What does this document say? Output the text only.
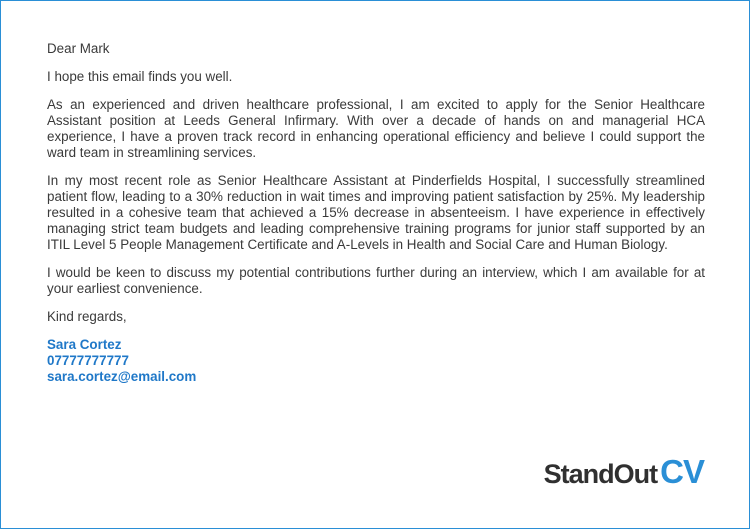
Dear Mark

I hope this email finds you well.

As an experienced and driven healthcare professional, I am excited to apply for the Senior Healthcare Assistant position at Leeds General Infirmary. With over a decade of hands on and managerial HCA experience, I have a proven track record in enhancing operational efficiency and believe I could support the ward team in streamlining services.

In my most recent role as Senior Healthcare Assistant at Pinderfields Hospital, I successfully streamlined patient flow, leading to a 30% reduction in wait times and improving patient satisfaction by 25%. My leadership resulted in a cohesive team that achieved a 15% decrease in absenteeism. I have experience in effectively managing strict team budgets and leading comprehensive training programs for junior staff supported by an ITIL Level 5 People Management Certificate and A-Levels in Health and Social Care and Human Biology.

I would be keen to discuss my potential contributions further during an interview, which I am available for at your earliest convenience.

Kind regards,

Sara Cortez
07777777777
sara.cortez@email.com
StandOut CV
